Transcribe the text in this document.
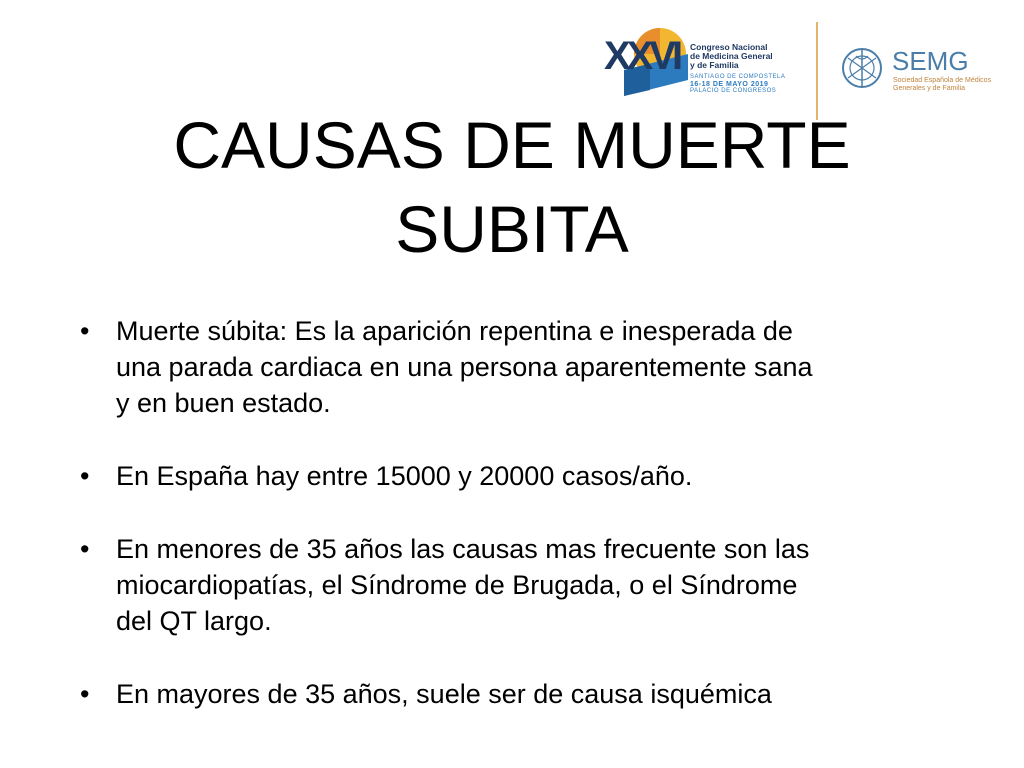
XXVI Congreso Nacional
de Medicina General
y de Familia
SANTIAGO DE COMPOSTELA
16-18 DE MAYO 2019
PALACIO DE CONGRESOS
SEMG
Sociedad Española de Médicos
Generales y de Familia
CAUSAS DE MUERTE
SUBITA
• Muerte súbita: Es la aparición repentina e inesperada de
una parada cardiaca en una persona aparentemente sana
y en buen estado.
• En España hay entre 15000 y 20000 casos/año.
• En menores de 35 años las causas mas frecuente son las
miocardiopatías, el Síndrome de Brugada, o el Síndrome
del QT largo.
• En mayores de 35 años, suele ser de causa isquémica
